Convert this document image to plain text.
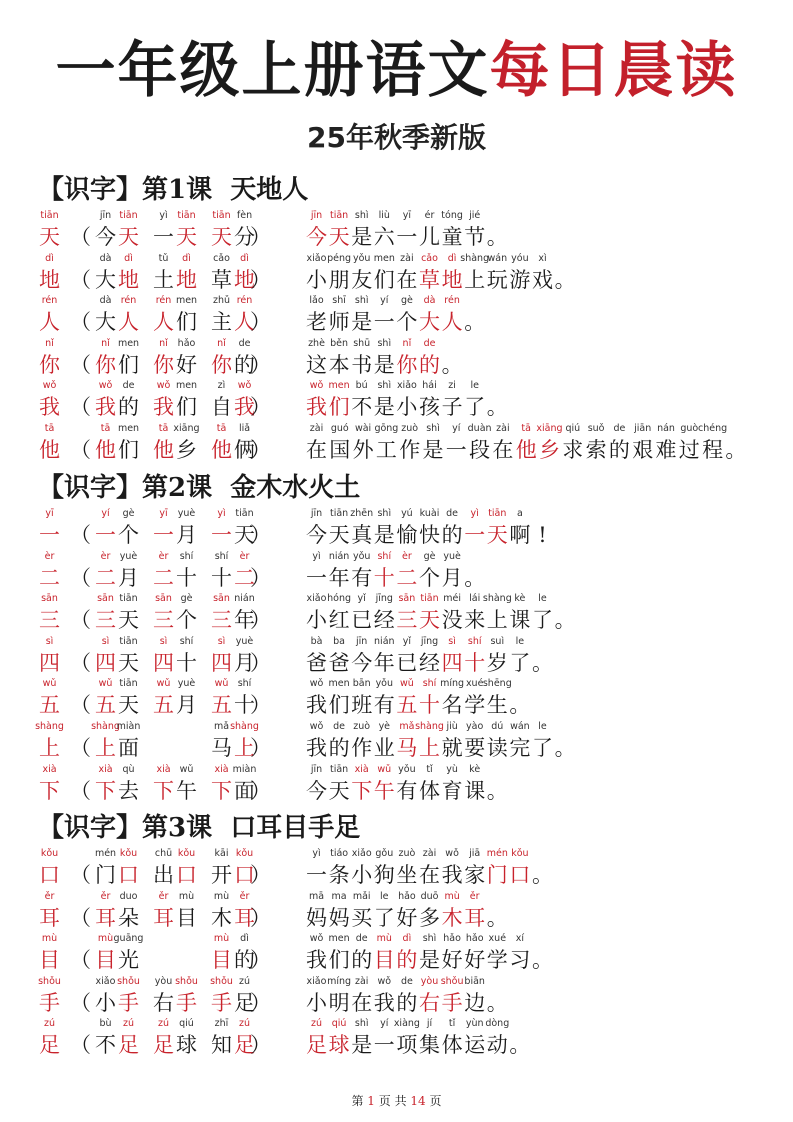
一年级上册语文每日晨读
25年秋季新版
【识字】第1课  天地人
tiān
天 （
jīn
今
tiān
天
yì
一
tiān
天
tiān
天
fèn
分
）
jīn
今
tiān
天
shì
是
liù
六
yī
一
ér
儿
tóng
童
jié
节 。
dì
地 （
dà
大
dì
地
tǔ
土
dì
地
cǎo
草
dì
地
）
xiǎo
小
péng
朋
yǒu
友
men
们
zài
在
cǎo
草
dì
地
shàng
上
wán
玩
yóu
游
xì
戏 。
rén
人 （
dà
大
rén
人
rén
人
men
们
zhǔ
主
rén
人
）
lǎo
老
shī
师
shì
是
yí
一
gè
个
dà
大
rén
人 。
nǐ
你 （
nǐ
你
men
们
nǐ
你
hǎo
好
nǐ
你
de
的
）
zhè
这
běn
本
shū
书
shì
是
nǐ
你
de
的 。
wǒ
我 （
wǒ
我
de
的
wǒ
我
men
们
zì
自
wǒ
我
）
wǒ
我
men
们
bú
不
shì
是
xiǎo
小
hái
孩
zi
子
le
了 。
tā
他 （
tā
他
men
们
tā
他
xiāng
乡
tā
他
liǎ
俩
）
zài
在
guó
国
wài
外
gōng
工
zuò
作
shì
是
yí
一
duàn
段
zài
在
tā
他
xiāng
乡
qiú
求
suǒ
索
de
的
jiān
艰
nán
难
guò
过
chéng
程 。
【识字】第2课  金木水火土
yī
一 （
yí
一
gè
个
yī
一
yuè
月
yì
一
tiān
天
）
jīn
今
tiān
天
zhēn
真
shì
是
yú
愉
kuài
快
de
的
yì
一
tiān
天
a
啊 !
èr
二 （
èr
二
yuè
月
èr
二
shí
十
shí
十
èr
二
）
yì
一
nián
年
yǒu
有
shí
十
èr
二
gè
个
yuè
月 。
sān
三 （
sān
三
tiān
天
sān
三
gè
个
sān
三
nián
年
）
xiǎo
小
hóng
红
yǐ
已
jīng
经
sān
三
tiān
天
méi
没
lái
来
shàng
上
kè
课
le
了 。
sì
四 （
sì
四
tiān
天
sì
四
shí
十
sì
四
yuè
月
）
bà
爸
ba
爸
jīn
今
nián
年
yǐ
已
jīng
经
sì
四
shí
十
suì
岁
le
了 。
wǔ
五 （
wǔ
五
tiān
天
wǔ
五
yuè
月
wǔ
五
shí
十
）
wǒ
我
men
们
bān
班
yǒu
有
wǔ
五
shí
十
míng
名
xué
学
shēng
生 。
shàng
上 （
shàng
上
miàn
面
mǎ
马
shàng
上
）
wǒ
我
de
的
zuò
作
yè
业
mǎ
马
shàng
上
jiù
就
yào
要
dú
读
wán
完
le
了 。
xià
下 （
xià
下
qù
去
xià
下
wǔ
午
xià
下
miàn
面
）
jīn
今
tiān
天
xià
下
wǔ
午
yǒu
有
tǐ
体
yù
育
kè
课 。
【识字】第3课  口耳目手足
kǒu
口 （
mén
门
kǒu
口
chū
出
kǒu
口
kāi
开
kǒu
口
）
yì
一
tiáo
条
xiǎo
小
gǒu
狗
zuò
坐
zài
在
wǒ
我
jiā
家
mén
门
kǒu
口 。
ěr
耳 （
ěr
耳
duo
朵
ěr
耳
mù
目
mù
木
ěr
耳
）
mā
妈
ma
妈
mǎi
买
le
了
hǎo
好
duō
多
mù
木
ěr
耳 。
mù
目 （
mù
目
guāng
光
mù
目
dì
的
）
wǒ
我
men
们
de
的
mù
目
dì
的
shì
是
hǎo
好
hǎo
好
xué
学
xí
习 。
shǒu
手 （
xiǎo
小
shǒu
手
yòu
右
shǒu
手
shǒu
手
zú
足
）
xiǎo
小
míng
明
zài
在
wǒ
我
de
的
yòu
右
shǒu
手
biān
边 。
zú
足 （
bù
不
zú
足
zú
足
qiú
球
zhī
知
zú
足
）
zú
足
qiú
球
shì
是
yí
一
xiàng
项
jí
集
tǐ
体
yùn
运
dòng
动 。
第 1 页 共 14 页
